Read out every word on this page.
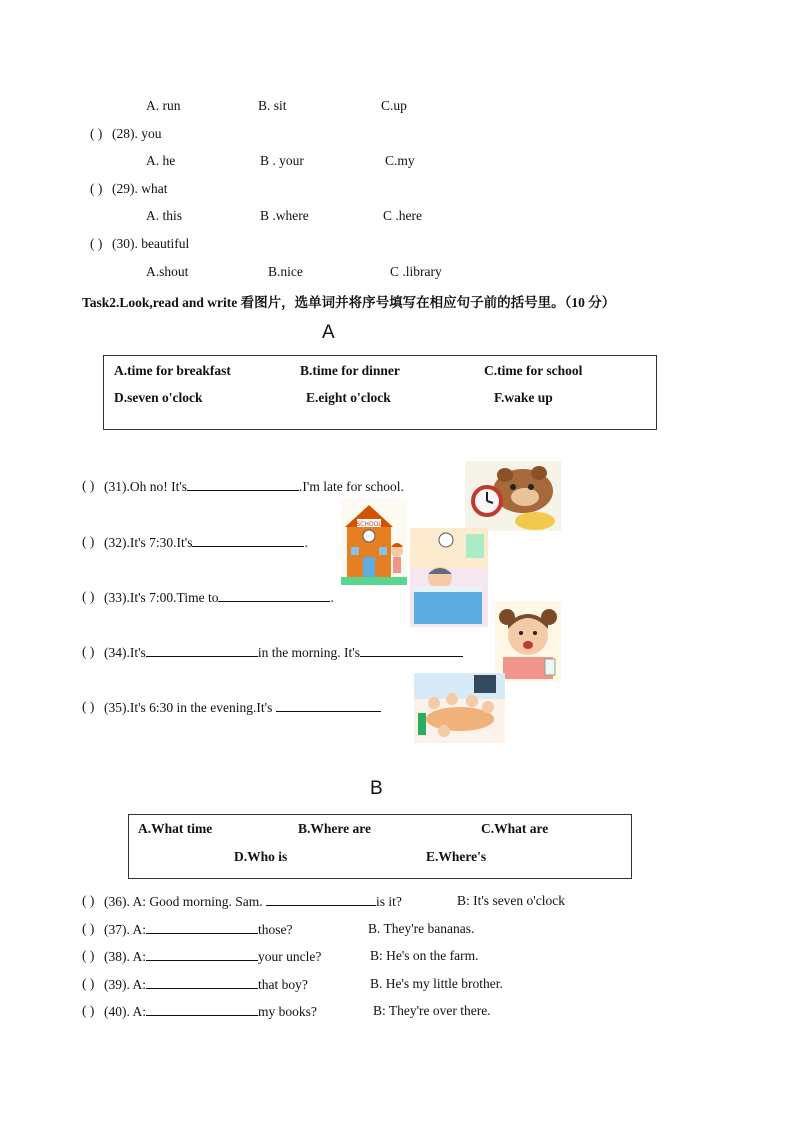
A. run	B. sit	C.up
( ) (28). you
A. he	B . your	C.my
( ) (29). what
A. this	B .where	C .here
( ) (30). beautiful
A.shout	B.nice	C .library
Task2.Look,read and write 看图片，选单词并将序号填写在相应句子前的括号里。（10 分）
A
A.time for breakfast	B.time for dinner	C.time for school
D.seven o'clock	E.eight o'clock	F.wake up
( ) (31).Oh no! It's	.I'm late for school.
( ) (32).It's 7:30.It's	.
( ) (33).It's 7:00.Time to	.
( ) (34).It's	in the morning. It's
( ) (35).It's 6:30 in the evening.It's
SCHOOL
B
A.What time	B.Where are	C.What are
D.Who is	E.Where's
( ) (36). A: Good morning. Sam.	is it?	B: It's seven o'clock
( ) (37). A:	those?	B. They're bananas.
( ) (38). A:	your uncle?	B: He's on the farm.
( ) (39). A:	that boy?	B. He's my little brother.
( ) (40). A:	my books?	B: They're over there.
